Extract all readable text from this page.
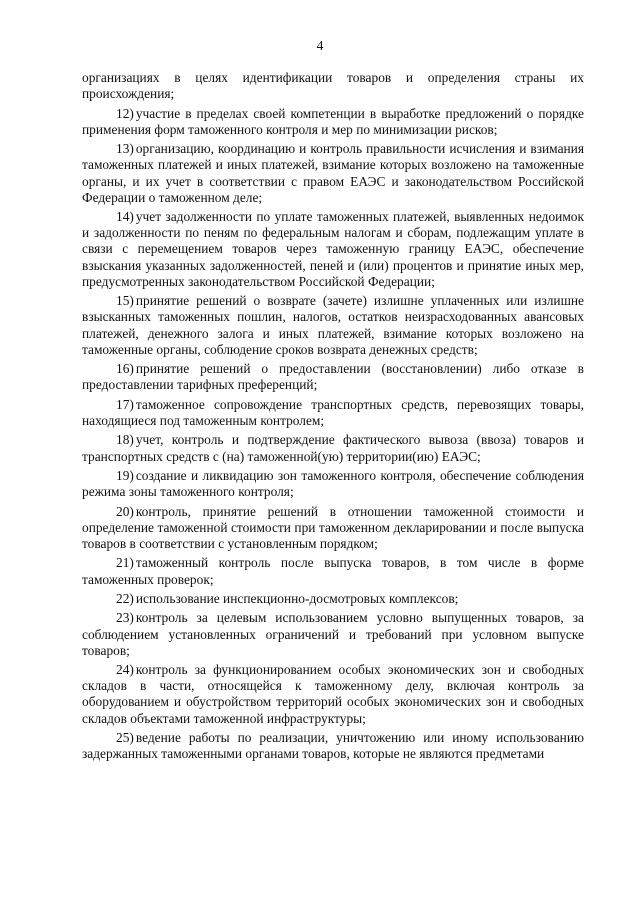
4

организациях в целях идентификации товаров и определения страны их происхождения;

12) участие в пределах своей компетенции в выработке предложений о порядке применения форм таможенного контроля и мер по минимизации рисков;

13) организацию, координацию и контроль правильности исчисления и взимания таможенных платежей и иных платежей, взимание которых возложено на таможенные органы, и их учет в соответствии с правом ЕАЭС и законодательством Российской Федерации о таможенном деле;

14) учет задолженности по уплате таможенных платежей, выявленных недоимок и задолженности по пеням по федеральным налогам и сборам, подлежащим уплате в связи с перемещением товаров через таможенную границу ЕАЭС, обеспечение взыскания указанных задолженностей, пеней и (или) процентов и принятие иных мер, предусмотренных законодательством Российской Федерации;

15) принятие решений о возврате (зачете) излишне уплаченных или излишне взысканных таможенных пошлин, налогов, остатков неизрасходованных авансовых платежей, денежного залога и иных платежей, взимание которых возложено на таможенные органы, соблюдение сроков возврата денежных средств;

16) принятие решений о предоставлении (восстановлении) либо отказе в предоставлении тарифных преференций;

17) таможенное сопровождение транспортных средств, перевозящих товары, находящиеся под таможенным контролем;

18) учет, контроль и подтверждение фактического вывоза (ввоза) товаров и транспортных средств с (на) таможенной(ую) территории(ию) ЕАЭС;

19) создание и ликвидацию зон таможенного контроля, обеспечение соблюдения режима зоны таможенного контроля;

20) контроль, принятие решений в отношении таможенной стоимости и определение таможенной стоимости при таможенном декларировании и после выпуска товаров в соответствии с установленным порядком;

21) таможенный контроль после выпуска товаров, в том числе в форме таможенных проверок;

22) использование инспекционно-досмотровых комплексов;

23) контроль за целевым использованием условно выпущенных товаров, за соблюдением установленных ограничений и требований при условном выпуске товаров;

24) контроль за функционированием особых экономических зон и свободных складов в части, относящейся к таможенному делу, включая контроль за оборудованием и обустройством территорий особых экономических зон и свободных складов объектами таможенной инфраструктуры;

25) ведение работы по реализации, уничтожению или иному использованию задержанных таможенными органами товаров, которые не являются предметами
